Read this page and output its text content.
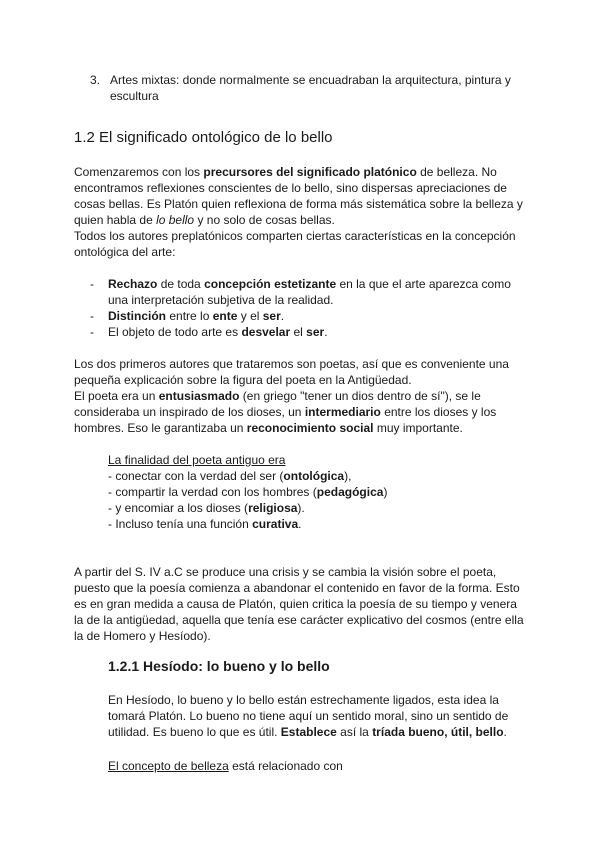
3. Artes mixtas: donde normalmente se encuadraban la arquitectura, pintura y

escultura

1.2 El significado ontológico de lo bello

Comenzaremos con los precursores del significado platónico de belleza. No

encontramos reflexiones conscientes de lo bello, sino dispersas apreciaciones de

cosas bellas. Es Platón quien reflexiona de forma más sistemática sobre la belleza y

quien habla de lo bello y no solo de cosas bellas.

Todos los autores preplatónicos comparten ciertas características en la concepción

ontológica del arte:

- Rechazo de toda concepción estetizante en la que el arte aparezca como

una interpretación subjetiva de la realidad.

- Distinción entre lo ente y el ser.

- El objeto de todo arte es desvelar el ser.

Los dos primeros autores que trataremos son poetas, así que es conveniente una

pequeña explicación sobre la figura del poeta en la Antigüedad.

El poeta era un entusiasmado (en griego "tener un dios dentro de sí"), se le

consideraba un inspirado de los dioses, un intermediario entre los dioses y los

hombres. Eso le garantizaba un reconocimiento social muy importante.

La finalidad del poeta antiguo era

- conectar con la verdad del ser (ontológica),

- compartir la verdad con los hombres (pedagógica)

- y encomiar a los dioses (religiosa).

- Incluso tenía una función curativa.

A partir del S. IV a.C se produce una crisis y se cambia la visión sobre el poeta,

puesto que la poesía comienza a abandonar el contenido en favor de la forma. Esto

es en gran medida a causa de Platón, quien critica la poesía de su tiempo y venera

la de la antigüedad, aquella que tenía ese carácter explicativo del cosmos (entre ella

la de Homero y Hesíodo).

1.2.1 Hesíodo: lo bueno y lo bello

En Hesíodo, lo bueno y lo bello están estrechamente ligados, esta idea la

tomará Platón. Lo bueno no tiene aquí un sentido moral, sino un sentido de

utilidad. Es bueno lo que es útil. Establece así la tríada bueno, útil, bello.

El concepto de belleza está relacionado con
